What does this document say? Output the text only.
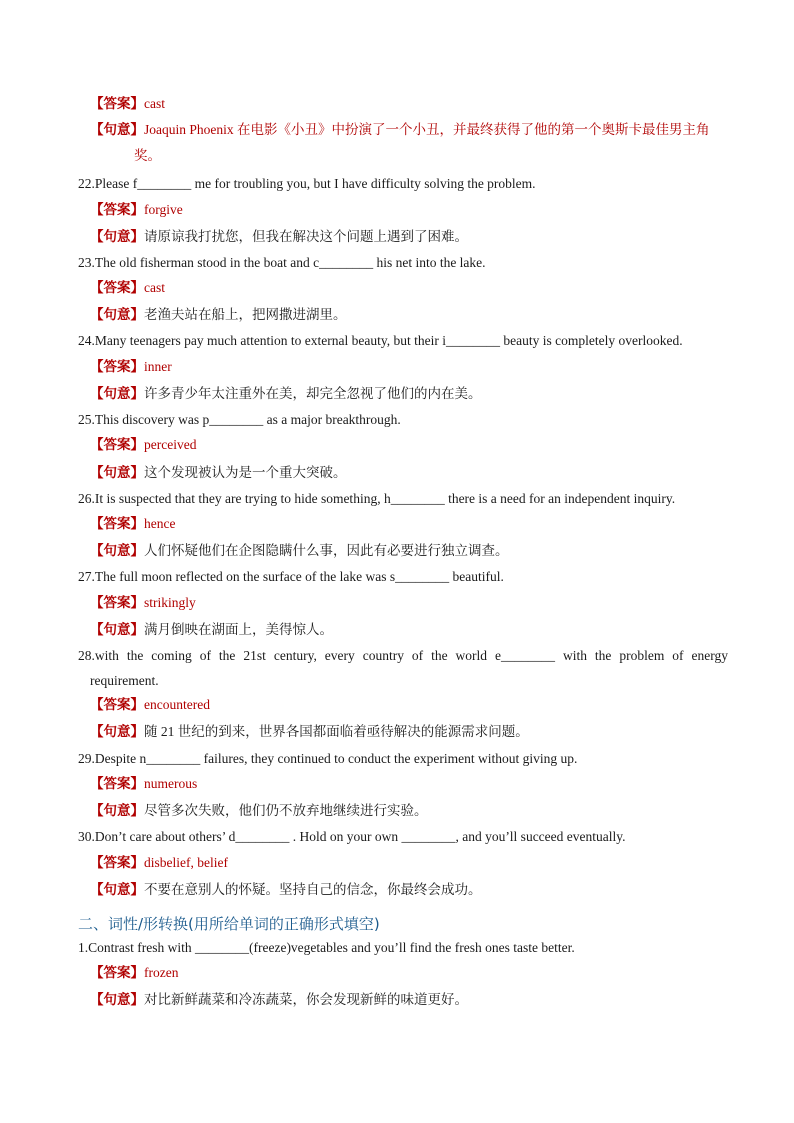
【答案】cast
【句意】Joaquin Phoenix 在电影《小丑》中扮演了一个小丑，并最终获得了他的第一个奥斯卡最佳男主角
奖。
22.Please f________ me for troubling you, but I have difficulty solving the problem.
【答案】forgive
【句意】请原谅我打扰您，但我在解决这个问题上遇到了困难。
23.The old fisherman stood in the boat and c________ his net into the lake.
【答案】cast
【句意】老渔夫站在船上，把网撒进湖里。
24.Many teenagers pay much attention to external beauty, but their i________ beauty is completely overlooked.
【答案】inner
【句意】许多青少年太注重外在美，却完全忽视了他们的内在美。
25.This discovery was p________ as a major breakthrough.
【答案】perceived
【句意】这个发现被认为是一个重大突破。
26.It is suspected that they are trying to hide something, h________ there is a need for an independent inquiry.
【答案】hence
【句意】人们怀疑他们在企图隐瞒什么事，因此有必要进行独立调查。
27.The full moon reflected on the surface of the lake was s________ beautiful.
【答案】strikingly
【句意】满月倒映在湖面上，美得惊人。
28.with the coming of the 21st century, every country of the world e________ with the problem of energy
requirement.
【答案】encountered
【句意】随 21 世纪的到来，世界各国都面临着亟待解决的能源需求问题。
29.Despite n________ failures, they continued to conduct the experiment without giving up.
【答案】numerous
【句意】尽管多次失败，他们仍不放弃地继续进行实验。
30.Don’t care about others’ d________ . Hold on your own ________, and you’ll succeed eventually.
【答案】disbelief, belief
【句意】不要在意别人的怀疑。坚持自己的信念，你最终会成功。
二、词性/形转换(用所给单词的正确形式填空)
1.Contrast fresh with ________(freeze)vegetables and you’ll find the fresh ones taste better.
【答案】frozen
【句意】对比新鲜蔬菜和冷冻蔬菜，你会发现新鲜的味道更好。
